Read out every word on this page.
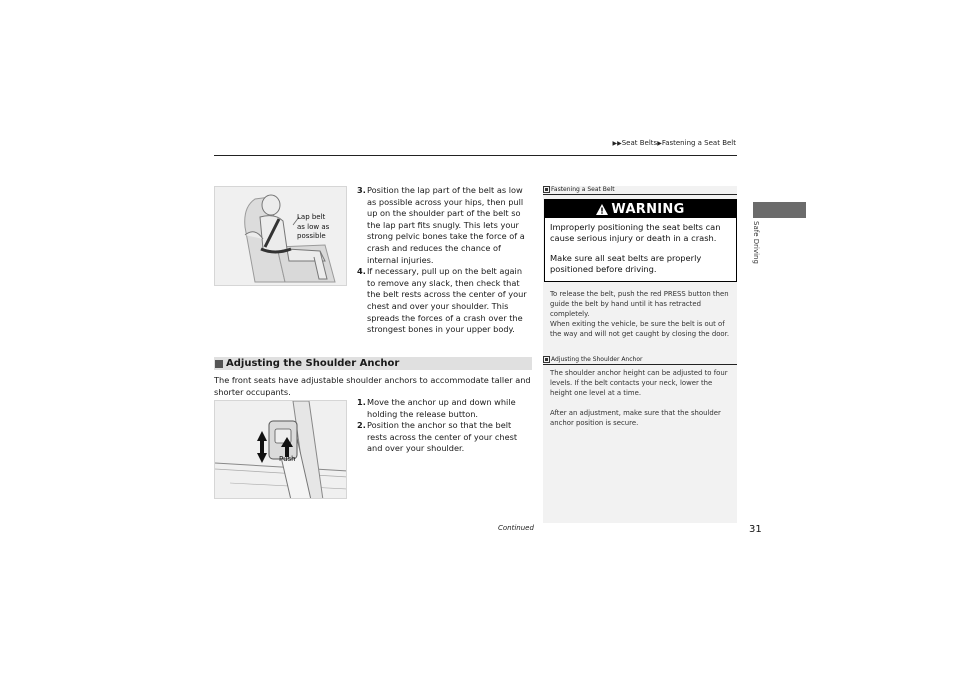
▶▶Seat Belts▶Fastening a Seat Belt
Lap belt
as low as
possible
3. Position the lap part of the belt as low as possible across your hips, then pull up on the shoulder part of the belt so the lap part fits snugly. This lets your strong pelvic bones take the force of a crash and reduces the chance of internal injuries.
4. If necessary, pull up on the belt again to remove any slack, then check that the belt rests across the center of your chest and over your shoulder. This spreads the forces of a crash over the strongest bones in your upper body.
Adjusting the Shoulder Anchor
The front seats have adjustable shoulder anchors to accommodate taller and shorter occupants.
Push
1. Move the anchor up and down while holding the release button.
2. Position the anchor so that the belt rests across the center of your chest and over your shoulder.
Fastening a Seat Belt
WARNING

Improperly positioning the seat belts can cause serious injury or death in a crash.

Make sure all seat belts are properly positioned before driving.

To release the belt, push the red PRESS button then guide the belt by hand until it has retracted completely.

When exiting the vehicle, be sure the belt is out of the way and will not get caught by closing the door.

Adjusting the Shoulder Anchor

The shoulder anchor height can be adjusted to four levels. If the belt contacts your neck, lower the height one level at a time.

After an adjustment, make sure that the shoulder anchor position is secure.

Safe Driving
Continued	31
